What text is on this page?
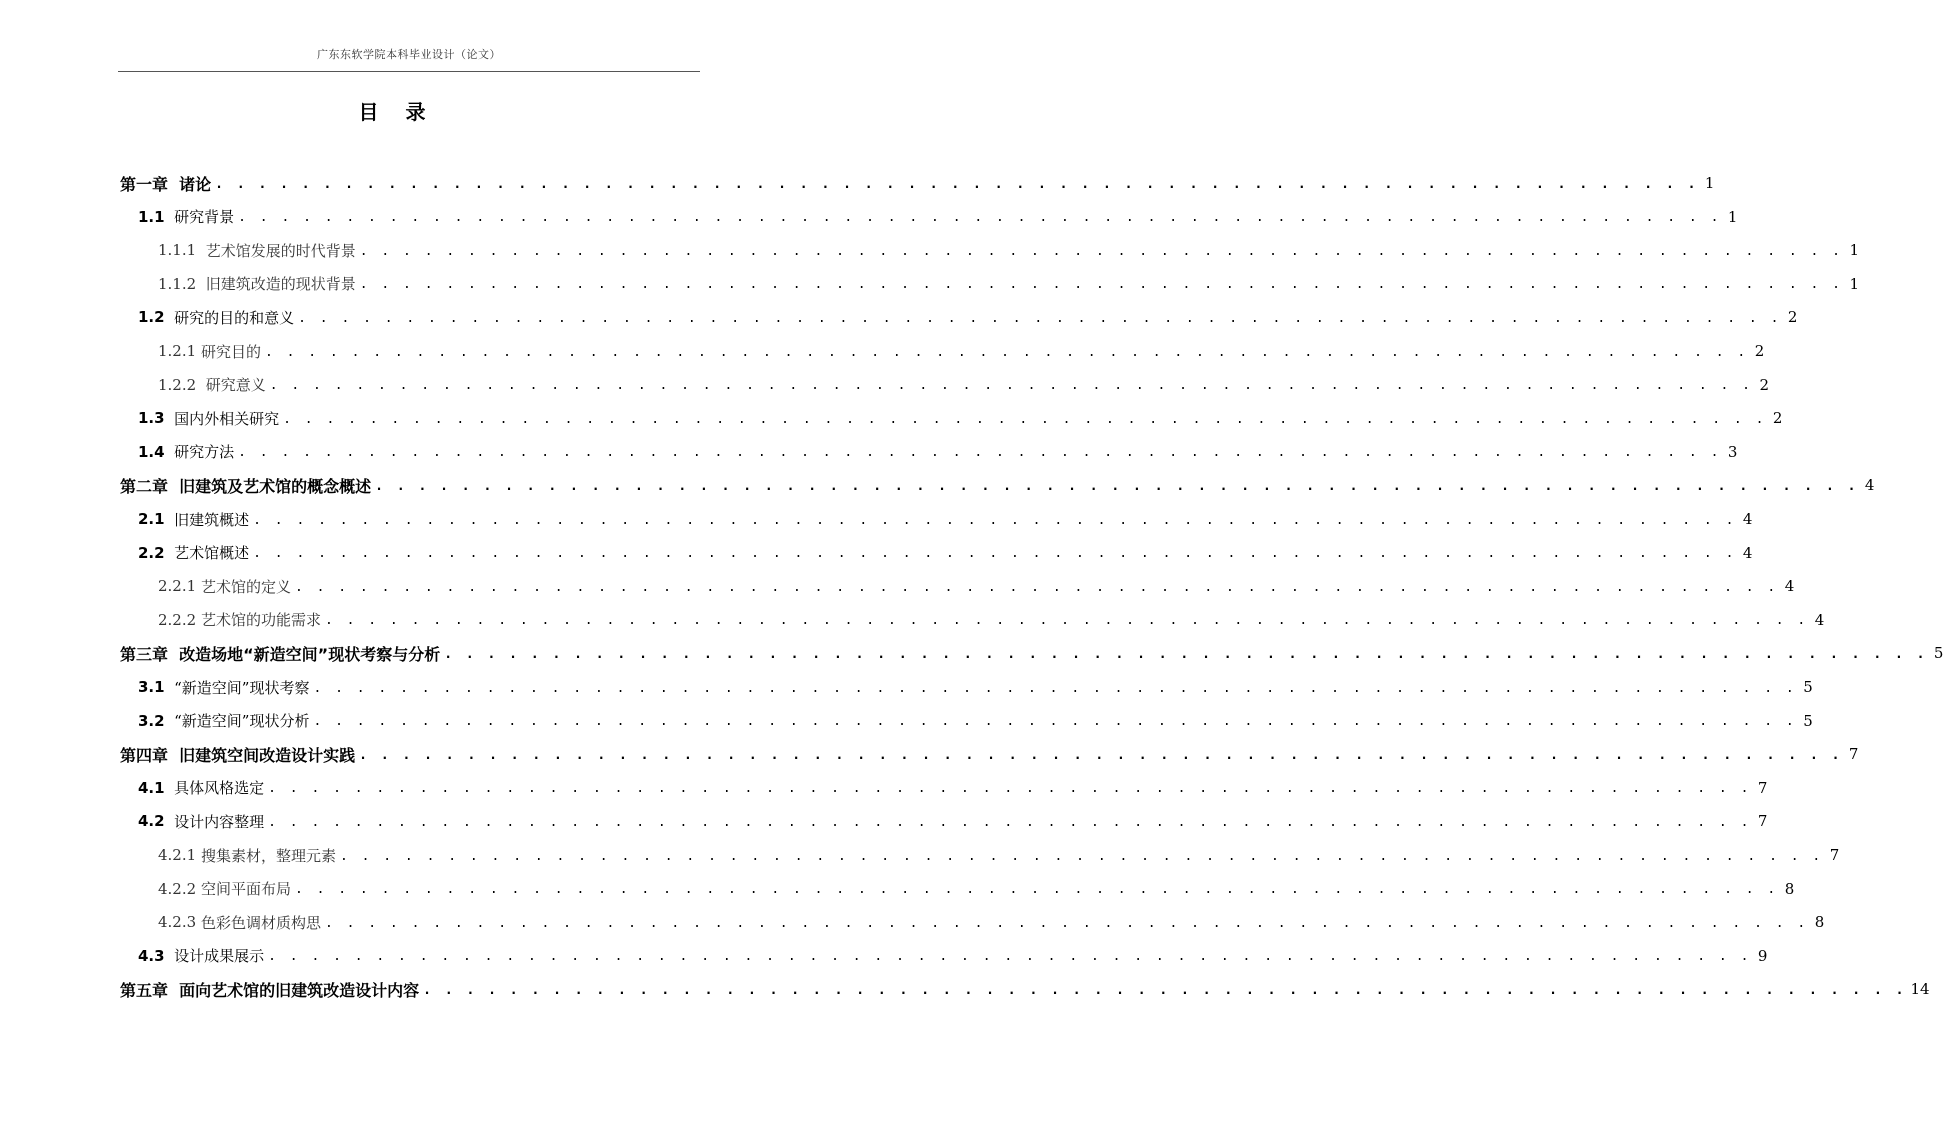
广东东软学院本科毕业设计（论文）
目 录
第一章
诸论 . . . . . . . . . . . . . . . . . . . . . . . . . . . . . . . . . . . . . . . . . . . . . . . . . . . . . . . . . . . . . . . . . . . . . 1
1.1
研究背景 . . . . . . . . . . . . . . . . . . . . . . . . . . . . . . . . . . . . . . . . . . . . . . . . . . . . . . . . . . . . . . . . . . . . . 1
1.1.1
艺术馆发展的时代背景 . . . . . . . . . . . . . . . . . . . . . . . . . . . . . . . . . . . . . . . . . . . . . . . . . . . . . . . . . . . . . . . . . . . . . 1
1.1.2
旧建筑改造的现状背景 . . . . . . . . . . . . . . . . . . . . . . . . . . . . . . . . . . . . . . . . . . . . . . . . . . . . . . . . . . . . . . . . . . . . . 1
1.2
研究的目的和意义 . . . . . . . . . . . . . . . . . . . . . . . . . . . . . . . . . . . . . . . . . . . . . . . . . . . . . . . . . . . . . . . . . . . . . 2
1.2.1
研究目的 . . . . . . . . . . . . . . . . . . . . . . . . . . . . . . . . . . . . . . . . . . . . . . . . . . . . . . . . . . . . . . . . . . . . . 2
1.2.2
研究意义 . . . . . . . . . . . . . . . . . . . . . . . . . . . . . . . . . . . . . . . . . . . . . . . . . . . . . . . . . . . . . . . . . . . . . 2
1.3
国内外相关研究 . . . . . . . . . . . . . . . . . . . . . . . . . . . . . . . . . . . . . . . . . . . . . . . . . . . . . . . . . . . . . . . . . . . . . 2
1.4
研究方法 . . . . . . . . . . . . . . . . . . . . . . . . . . . . . . . . . . . . . . . . . . . . . . . . . . . . . . . . . . . . . . . . . . . . . 3
第二章
旧建筑及艺术馆的概念概述 . . . . . . . . . . . . . . . . . . . . . . . . . . . . . . . . . . . . . . . . . . . . . . . . . . . . . . . . . . . . . . . . . . . . . 4
2.1
旧建筑概述 . . . . . . . . . . . . . . . . . . . . . . . . . . . . . . . . . . . . . . . . . . . . . . . . . . . . . . . . . . . . . . . . . . . . . 4
2.2
艺术馆概述 . . . . . . . . . . . . . . . . . . . . . . . . . . . . . . . . . . . . . . . . . . . . . . . . . . . . . . . . . . . . . . . . . . . . . 4
2.2.1
艺术馆的定义 . . . . . . . . . . . . . . . . . . . . . . . . . . . . . . . . . . . . . . . . . . . . . . . . . . . . . . . . . . . . . . . . . . . . . 4
2.2.2
艺术馆的功能需求 . . . . . . . . . . . . . . . . . . . . . . . . . . . . . . . . . . . . . . . . . . . . . . . . . . . . . . . . . . . . . . . . . . . . . 4
第三章
改造场地“新造空间”现状考察与分析 . . . . . . . . . . . . . . . . . . . . . . . . . . . . . . . . . . . . . . . . . . . . . . . . . . . . . . . . . . . . . . . . . . . . . 5
3.1
“新造空间”现状考察 . . . . . . . . . . . . . . . . . . . . . . . . . . . . . . . . . . . . . . . . . . . . . . . . . . . . . . . . . . . . . . . . . . . . . 5
3.2
“新造空间”现状分析 . . . . . . . . . . . . . . . . . . . . . . . . . . . . . . . . . . . . . . . . . . . . . . . . . . . . . . . . . . . . . . . . . . . . . 5
第四章
旧建筑空间改造设计实践 . . . . . . . . . . . . . . . . . . . . . . . . . . . . . . . . . . . . . . . . . . . . . . . . . . . . . . . . . . . . . . . . . . . . . 7
4.1
具体风格选定 . . . . . . . . . . . . . . . . . . . . . . . . . . . . . . . . . . . . . . . . . . . . . . . . . . . . . . . . . . . . . . . . . . . . . 7
4.2
设计内容整理 . . . . . . . . . . . . . . . . . . . . . . . . . . . . . . . . . . . . . . . . . . . . . . . . . . . . . . . . . . . . . . . . . . . . . 7
4.2.1
搜集素材，整理元素 . . . . . . . . . . . . . . . . . . . . . . . . . . . . . . . . . . . . . . . . . . . . . . . . . . . . . . . . . . . . . . . . . . . . . 7
4.2.2
空间平面布局 . . . . . . . . . . . . . . . . . . . . . . . . . . . . . . . . . . . . . . . . . . . . . . . . . . . . . . . . . . . . . . . . . . . . . 8
4.2.3
色彩色调材质构思 . . . . . . . . . . . . . . . . . . . . . . . . . . . . . . . . . . . . . . . . . . . . . . . . . . . . . . . . . . . . . . . . . . . . . 8
4.3
设计成果展示 . . . . . . . . . . . . . . . . . . . . . . . . . . . . . . . . . . . . . . . . . . . . . . . . . . . . . . . . . . . . . . . . . . . . . 9
第五章
面向艺术馆的旧建筑改造设计内容 . . . . . . . . . . . . . . . . . . . . . . . . . . . . . . . . . . . . . . . . . . . . . . . . . . . . . . . . . . . . . . . . . . . . . 14
